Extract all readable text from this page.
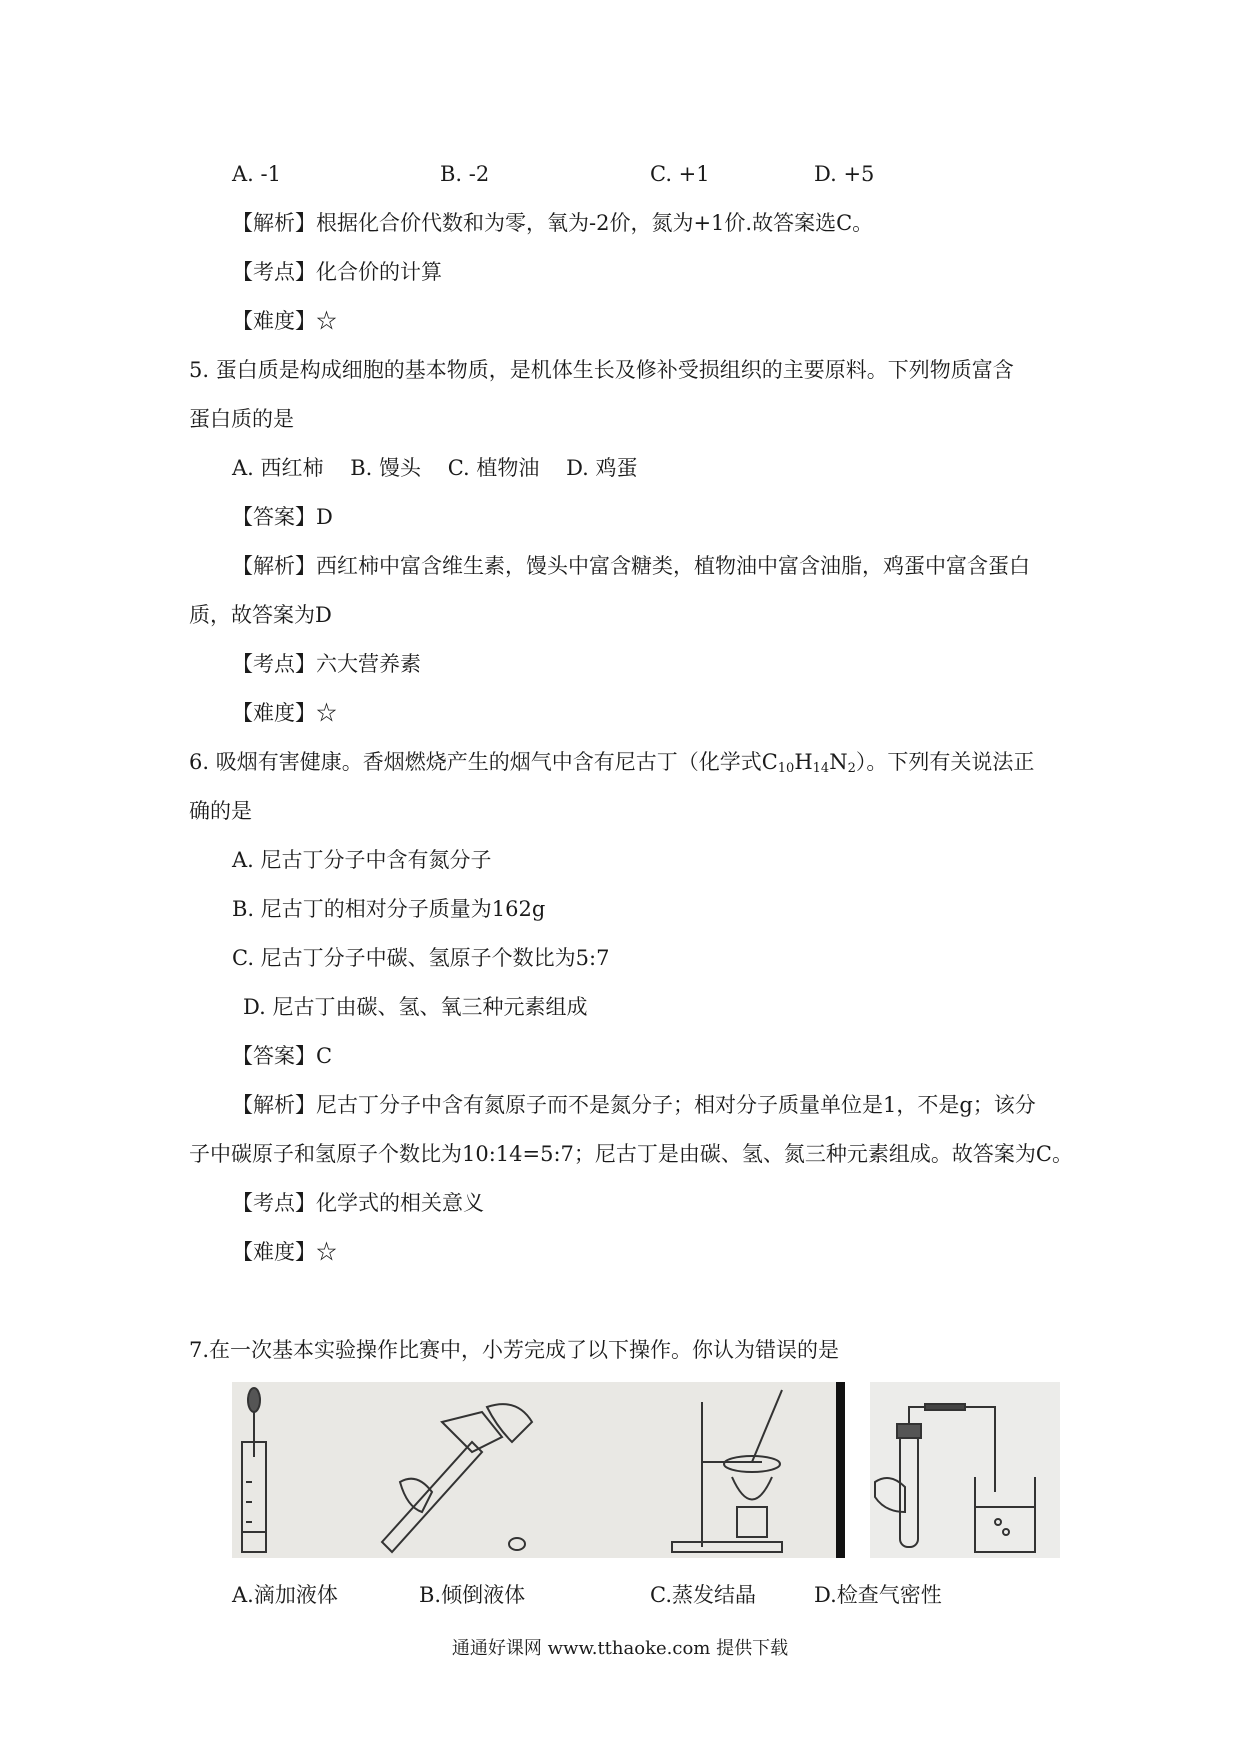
A. -1	B. -2	C. +1	D. +5
【解析】根据化合价代数和为零，氧为-2价，氮为+1价.故答案选C。
【考点】化合价的计算
【难度】☆
5. 蛋白质是构成细胞的基本物质，是机体生长及修补受损组织的主要原料。下列物质富含
蛋白质的是
A. 西红柿    B. 馒头    C. 植物油    D. 鸡蛋
【答案】D
【解析】西红柿中富含维生素，馒头中富含糖类，植物油中富含油脂，鸡蛋中富含蛋白
质，故答案为D
【考点】六大营养素
【难度】☆
6. 吸烟有害健康。香烟燃烧产生的烟气中含有尼古丁（化学式$C_{10}H_{14}N_2$）。下列有关说法正
确的是
A. 尼古丁分子中含有氮分子
B. 尼古丁的相对分子质量为162g
C. 尼古丁分子中碳、氢原子个数比为5:7
D. 尼古丁由碳、氢、氧三种元素组成
【答案】C
【解析】尼古丁分子中含有氮原子而不是氮分子；相对分子质量单位是1，不是g；该分
子中碳原子和氢原子个数比为10:14=5:7；尼古丁是由碳、氢、氮三种元素组成。故答案为C。
【考点】化学式的相关意义
【难度】☆
7.在一次基本实验操作比赛中，小芳完成了以下操作。你认为错误的是
A.滴加液体	B.倾倒液体	C.蒸发结晶	D.检查气密性
通通好课网 www.tthaoke.com 提供下载
